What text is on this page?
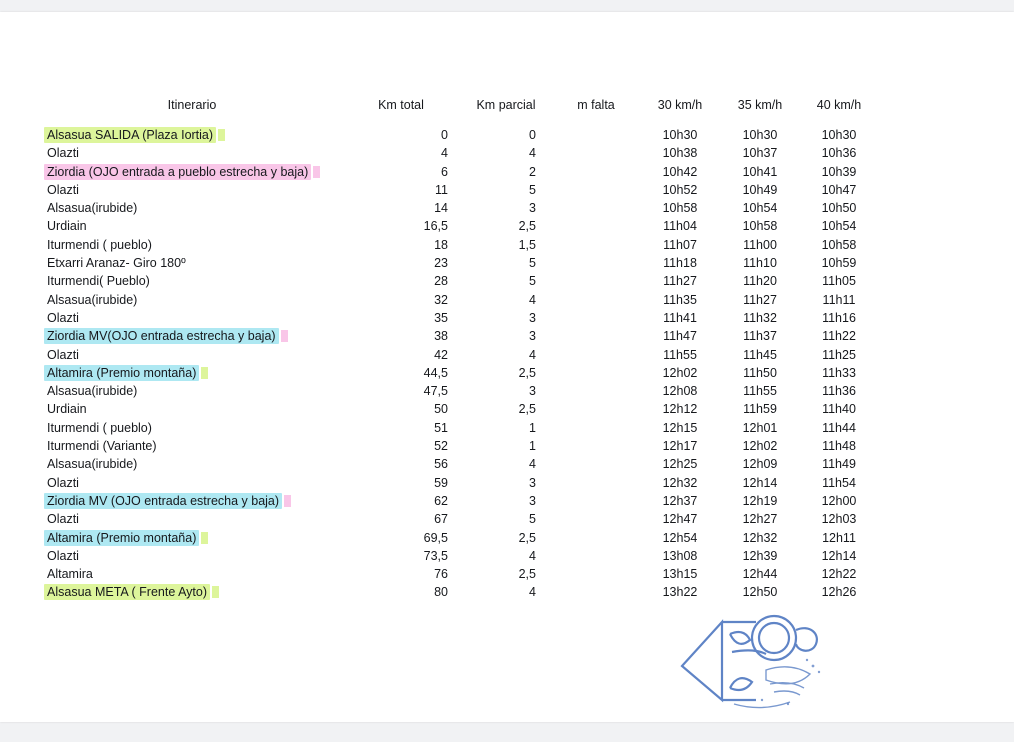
Itinerario	Km total	Km parcial	m falta	30 km/h	35 km/h	40 km/h
Alsasua SALIDA (Plaza Iortia)	0	0		10h30	10h30	10h30
Olazti	4	4		10h38	10h37	10h36
Ziordia (OJO entrada a pueblo estrecha y baja)	6	2		10h42	10h41	10h39
Olazti	11	5		10h52	10h49	10h47
Alsasua(irubide)	14	3		10h58	10h54	10h50
Urdiain	16,5	2,5		11h04	10h58	10h54
Iturmendi ( pueblo)	18	1,5		11h07	11h00	10h58
Etxarri Aranaz- Giro 180º	23	5		11h18	11h10	10h59
Iturmendi( Pueblo)	28	5		11h27	11h20	11h05
Alsasua(irubide)	32	4		11h35	11h27	11h11
Olazti	35	3		11h41	11h32	11h16
Ziordia MV(OJO entrada estrecha y baja)	38	3		11h47	11h37	11h22
Olazti	42	4		11h55	11h45	11h25
Altamira (Premio montaña)	44,5	2,5		12h02	11h50	11h33
Alsasua(irubide)	47,5	3		12h08	11h55	11h36
Urdiain	50	2,5		12h12	11h59	11h40
Iturmendi ( pueblo)	51	1		12h15	12h01	11h44
Iturmendi (Variante)	52	1		12h17	12h02	11h48
Alsasua(irubide)	56	4		12h25	12h09	11h49
Olazti	59	3		12h32	12h14	11h54
Ziordia MV (OJO entrada estrecha y baja)	62	3		12h37	12h19	12h00
Olazti	67	5		12h47	12h27	12h03
Altamira (Premio montaña)	69,5	2,5		12h54	12h32	12h11
Olazti	73,5	4		13h08	12h39	12h14
Altamira	76	2,5		13h15	12h44	12h22
Alsasua META ( Frente Ayto)	80	4		13h22	12h50	12h26
